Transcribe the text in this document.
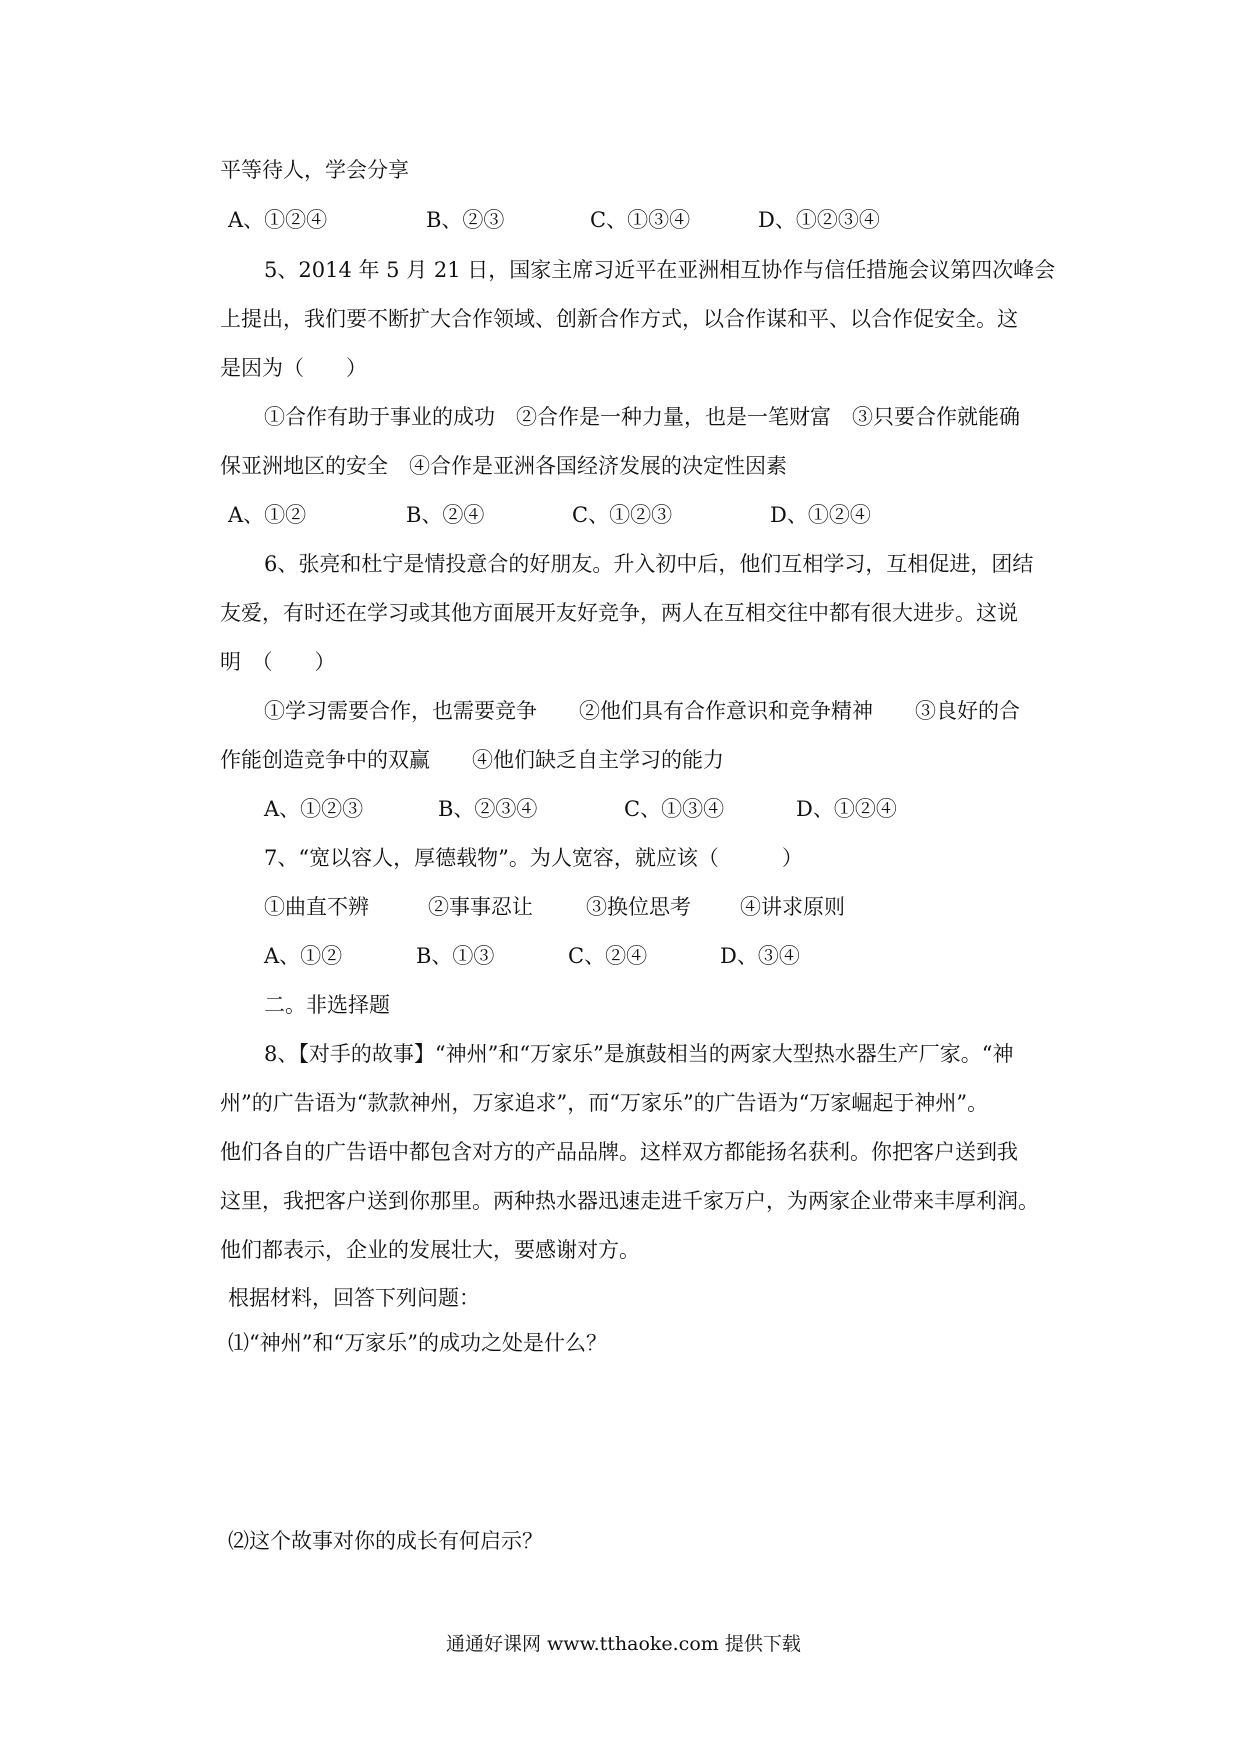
平等待人，学会分享
A、①②④	B、②③	C、①③④	D、①②③④
5、2014 年 5 月 21 日，国家主席习近平在亚洲相互协作与信任措施会议第四次峰会
上提出，我们要不断扩大合作领域、创新合作方式，以合作谋和平、以合作促安全。这
是因为（　　）
①合作有助于事业的成功　②合作是一种力量，也是一笔财富　③只要合作就能确
保亚洲地区的安全　④合作是亚洲各国经济发展的决定性因素
A、①②	B、②④	C、①②③	D、①②④
6、张亮和杜宁是情投意合的好朋友。升入初中后，他们互相学习，互相促进，团结
友爱，有时还在学习或其他方面展开友好竞争，两人在互相交往中都有很大进步。这说
明　（　　）
①学习需要合作，也需要竞争　　②他们具有合作意识和竞争精神　　③良好的合
作能创造竞争中的双赢　　④他们缺乏自主学习的能力
A、①②③	B、②③④	C、①③④	D、①②④
7、“宽以容人，厚德载物”。为人宽容，就应该（　　　）
①曲直不辨	②事事忍让	③换位思考 ④讲求原则
A、①②	B、①③	C、②④	D、③④
二。非选择题
8、【对手的故事】“神州”和“万家乐”是旗鼓相当的两家大型热水器生产厂家。“神
州”的广告语为“款款神州，万家追求”，而“万家乐”的广告语为“万家崛起于神州”。
他们各自的广告语中都包含对方的产品品牌。这样双方都能扬名获利。你把客户送到我
这里，我把客户送到你那里。两种热水器迅速走进千家万户，为两家企业带来丰厚利润。
他们都表示，企业的发展壮大，要感谢对方。
根据材料，回答下列问题：
⑴“神州”和“万家乐”的成功之处是什么？
⑵这个故事对你的成长有何启示？
通通好课网 www.tthaoke.com 提供下载
